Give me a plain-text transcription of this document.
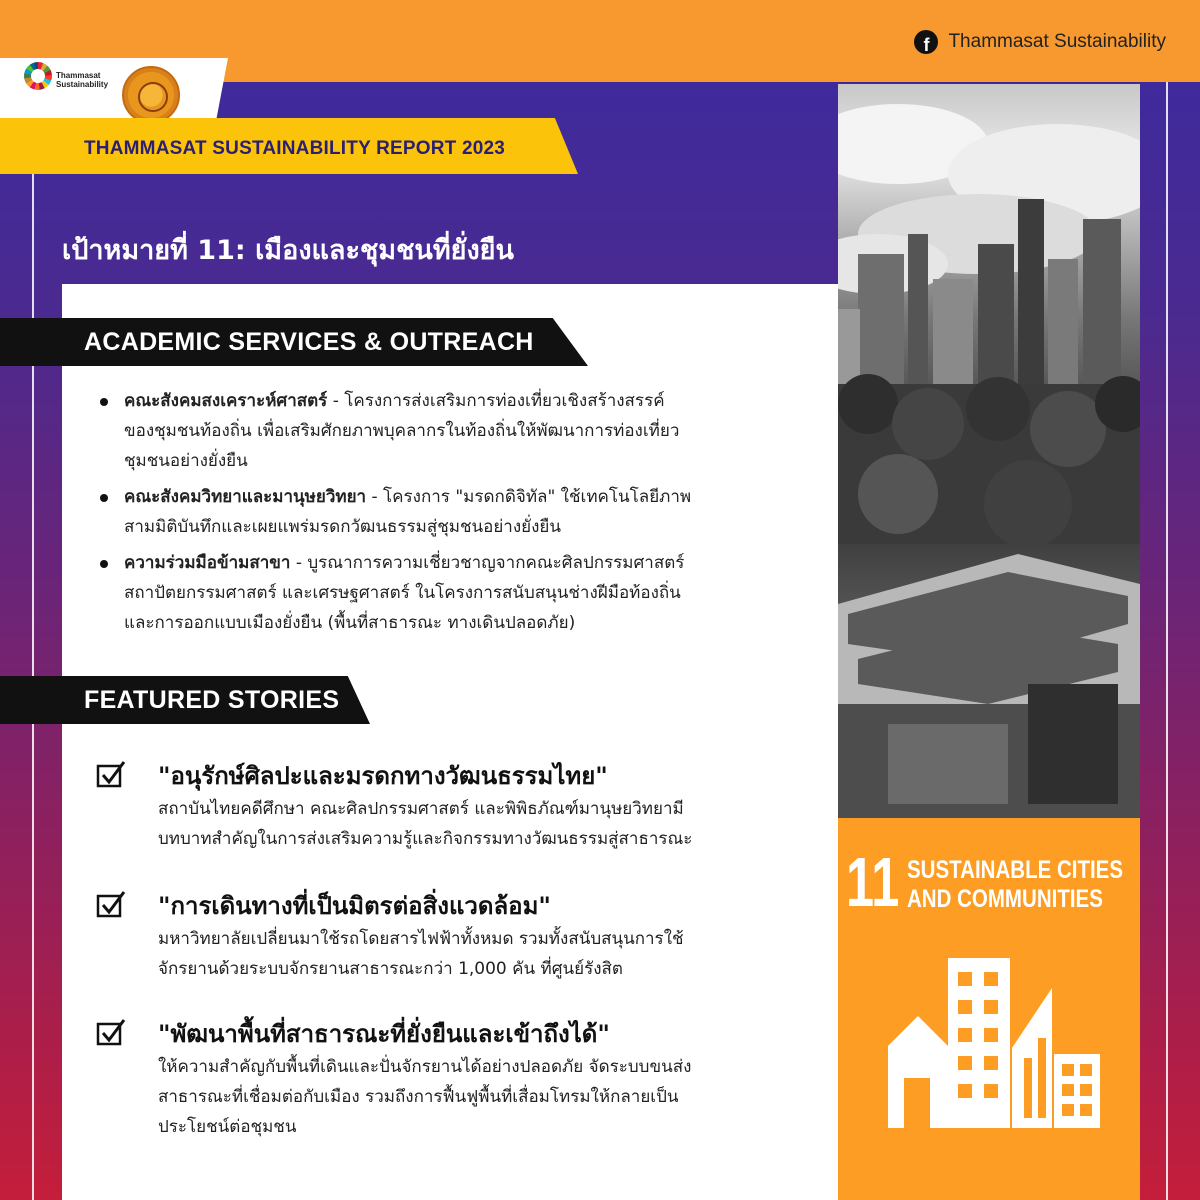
f	Thammasat Sustainability
Thammasat
Sustainability
THAMMASAT SUSTAINABILITY REPORT 2023
เป้าหมายที่ 11: เมืองและชุมชนที่ยั่งยืน
11 SUSTAINABLE CITIES
AND COMMUNITIES
ACADEMIC SERVICES & OUTREACH
คณะสังคมสงเคราะห์ศาสตร์ - โครงการส่งเสริมการท่องเที่ยวเชิงสร้างสรรค์
ของชุมชนท้องถิ่น เพื่อเสริมศักยภาพบุคลากรในท้องถิ่นให้พัฒนาการท่องเที่ยว
ชุมชนอย่างยั่งยืน
คณะสังคมวิทยาและมานุษยวิทยา - โครงการ "มรดกดิจิทัล" ใช้เทคโนโลยีภาพ
สามมิติบันทึกและเผยแพร่มรดกวัฒนธรรมสู่ชุมชนอย่างยั่งยืน
ความร่วมมือข้ามสาขา - บูรณาการความเชี่ยวชาญจากคณะศิลปกรรมศาสตร์
สถาปัตยกรรมศาสตร์ และเศรษฐศาสตร์ ในโครงการสนับสนุนช่างฝีมือท้องถิ่น
และการออกแบบเมืองยั่งยืน (พื้นที่สาธารณะ ทางเดินปลอดภัย)
FEATURED STORIES
"อนุรักษ์ศิลปะและมรดกทางวัฒนธรรมไทย"
สถาบันไทยคดีศึกษา คณะศิลปกรรมศาสตร์ และพิพิธภัณฑ์มานุษยวิทยามี
บทบาทสำคัญในการส่งเสริมความรู้และกิจกรรมทางวัฒนธรรมสู่สาธารณะ
"การเดินทางที่เป็นมิตรต่อสิ่งแวดล้อม"
มหาวิทยาลัยเปลี่ยนมาใช้รถโดยสารไฟฟ้าทั้งหมด รวมทั้งสนับสนุนการใช้
จักรยานด้วยระบบจักรยานสาธารณะกว่า 1,000 คัน ที่ศูนย์รังสิต
"พัฒนาพื้นที่สาธารณะที่ยั่งยืนและเข้าถึงได้"
ให้ความสำคัญกับพื้นที่เดินและปั่นจักรยานได้อย่างปลอดภัย จัดระบบขนส่ง
สาธารณะที่เชื่อมต่อกับเมือง รวมถึงการฟื้นฟูพื้นที่เสื่อมโทรมให้กลายเป็น
ประโยชน์ต่อชุมชน
